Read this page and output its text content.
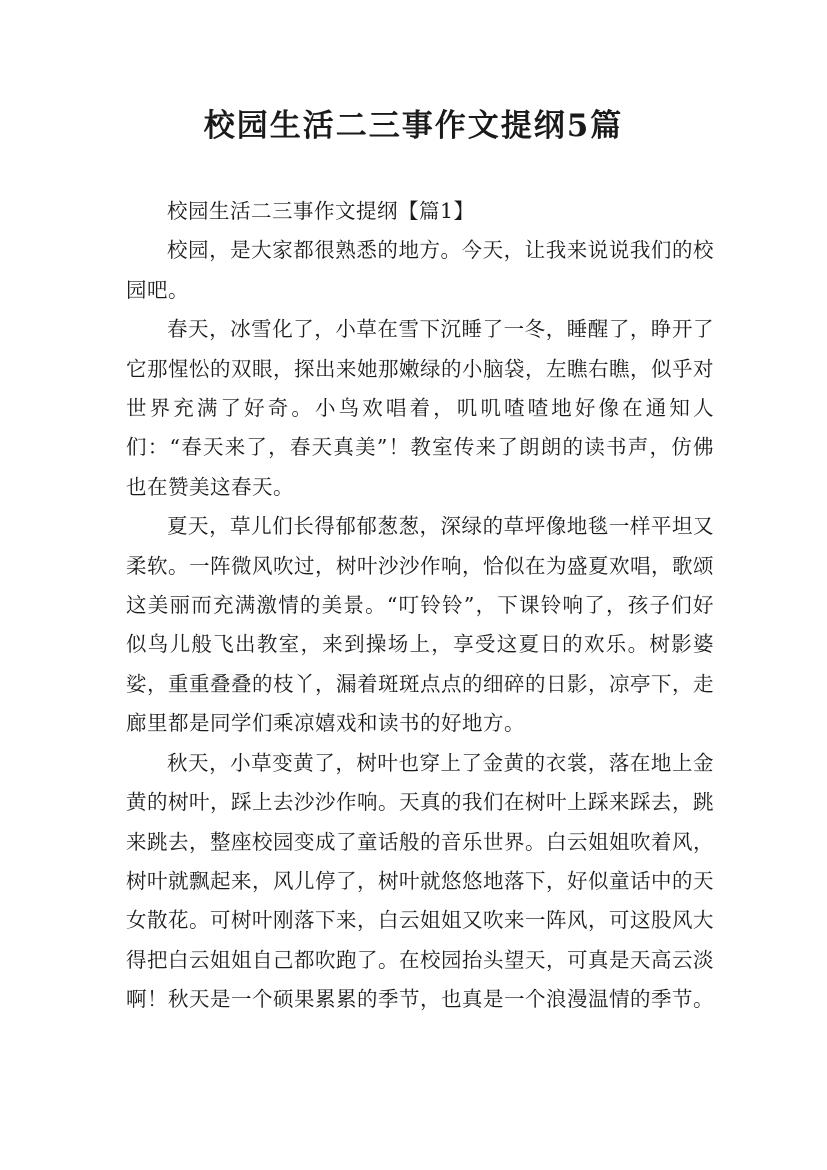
校园生活二三事作文提纲5篇

校园生活二三事作文提纲【篇1】

校园，是大家都很熟悉的地方。今天，让我来说说我们的校园吧。

春天，冰雪化了，小草在雪下沉睡了一冬，睡醒了，睁开了它那惺忪的双眼，探出来她那嫩绿的小脑袋，左瞧右瞧，似乎对世界充满了好奇。小鸟欢唱着，叽叽喳喳地好像在通知人们：“春天来了，春天真美”！教室传来了朗朗的读书声，仿佛也在赞美这春天。

夏天，草儿们长得郁郁葱葱，深绿的草坪像地毯一样平坦又柔软。一阵微风吹过，树叶沙沙作响，恰似在为盛夏欢唱，歌颂这美丽而充满激情的美景。“叮铃铃”，下课铃响了，孩子们好似鸟儿般飞出教室，来到操场上，享受这夏日的欢乐。树影婆娑，重重叠叠的枝丫，漏着斑斑点点的细碎的日影，凉亭下，走廊里都是同学们乘凉嬉戏和读书的好地方。

秋天，小草变黄了，树叶也穿上了金黄的衣裳，落在地上金黄的树叶，踩上去沙沙作响。天真的我们在树叶上踩来踩去，跳来跳去，整座校园变成了童话般的音乐世界。白云姐姐吹着风，树叶就飘起来，风儿停了，树叶就悠悠地落下，好似童话中的天女散花。可树叶刚落下来，白云姐姐又吹来一阵风，可这股风大得把白云姐姐自己都吹跑了。在校园抬头望天，可真是天高云淡啊！秋天是一个硕果累累的季节，也真是一个浪漫温情的季节。
